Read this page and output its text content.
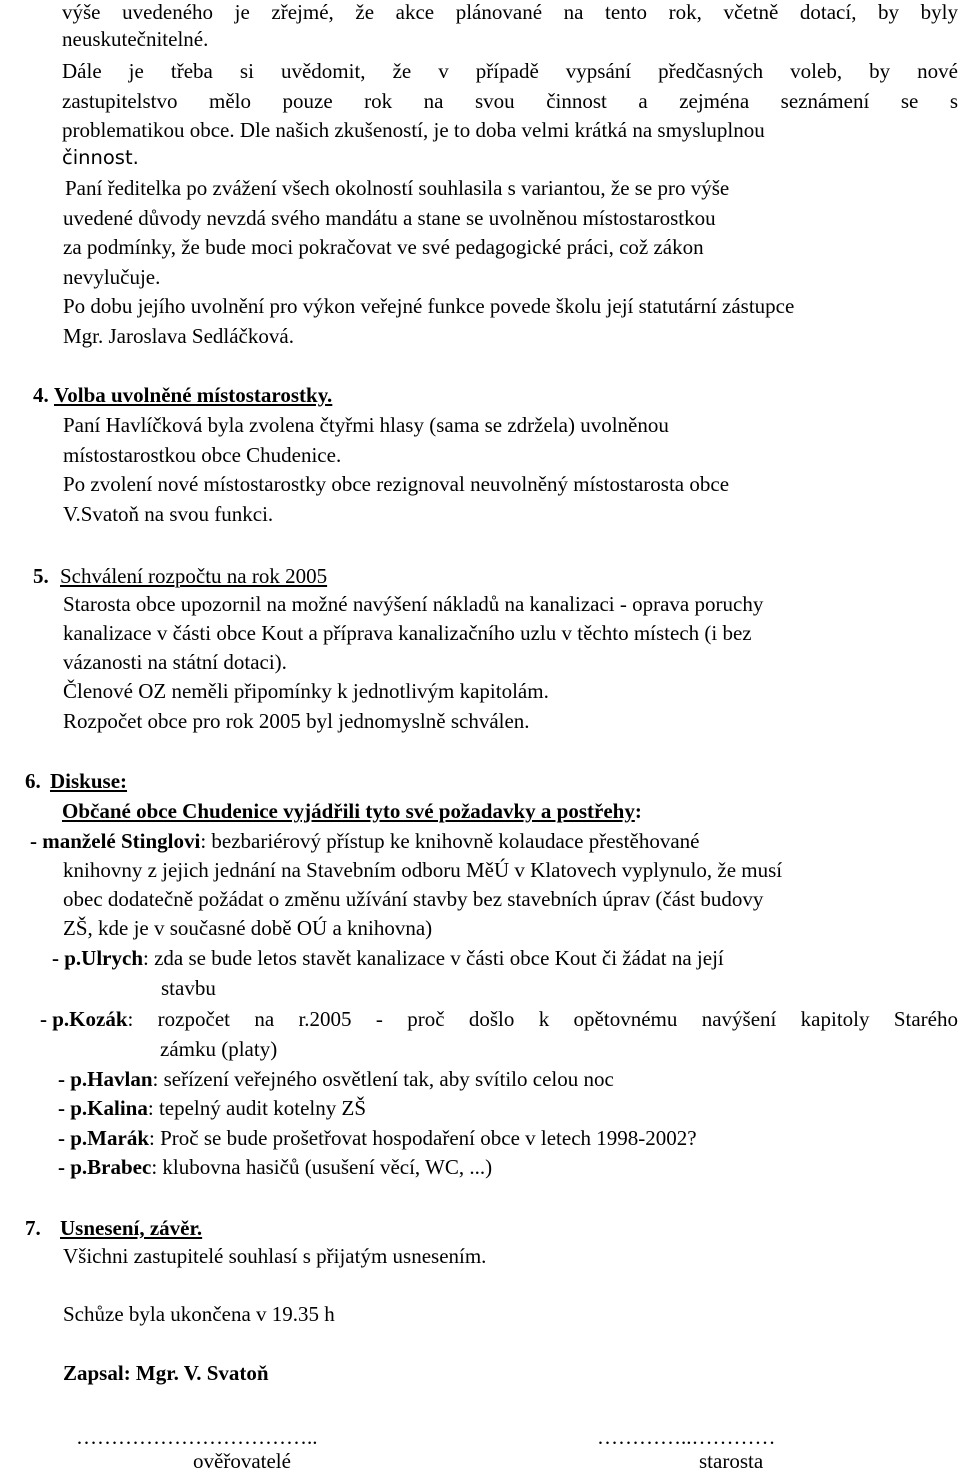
výše uvedeného je zřejmé, že akce plánované na tento rok, včetně dotací, by byly
neuskutečnitelné.
Dále je třeba si uvědomit, že v případě vypsání předčasných voleb, by nové
zastupitelstvo mělo pouze rok na svou činnost a zejména seznámení se s
problematikou obce. Dle našich zkušeností, je to doba velmi krátká na smysluplnou
činnost.
Paní ředitelka po zvážení všech okolností souhlasila s variantou, že se pro výše
uvedené důvody nevzdá svého mandátu a stane se uvolněnou místostarostkou
za podmínky, že bude moci pokračovat ve své pedagogické práci, což zákon
nevylučuje.
Po dobu jejího uvolnění pro výkon veřejné funkce povede školu její statutární zástupce
Mgr. Jaroslava Sedláčková.
4. Volba uvolněné místostarostky.
Paní Havlíčková byla zvolena čtyřmi hlasy (sama se zdržela) uvolněnou
místostarostkou obce Chudenice.
Po zvolení nové místostarostky obce rezignoval neuvolněný místostarosta obce
V.Svatoň na svou funkci.
5. Schválení rozpočtu na rok 2005
Starosta obce upozornil na možné navýšení nákladů na kanalizaci - oprava poruchy
kanalizace v části obce Kout a příprava kanalizačního uzlu v těchto místech (i bez
vázanosti na státní dotaci).
Členové OZ neměli připomínky k jednotlivým kapitolám.
Rozpočet obce pro rok 2005 byl jednomyslně schválen.
6. Diskuse:
Občané obce Chudenice vyjádřili tyto své požadavky a postřehy:
- manželé Stinglovi: bezbariérový přístup ke knihovně kolaudace přestěhované
knihovny z jejich jednání na Stavebním odboru MěÚ v Klatovech vyplynulo, že musí
obec dodatečně požádat o změnu užívání stavby bez stavebních úprav (část budovy
ZŠ, kde je v současné době OÚ a knihovna)
- p.Ulrych: zda se bude letos stavět kanalizace v části obce Kout či žádat na její
stavbu
- p.Kozák : rozpočet na r.2005 - proč došlo k opětovnému navýšení kapitoly Starého
zámku (platy)
- p.Havlan: seřízení veřejného osvětlení tak, aby svítilo celou noc
- p.Kalina: tepelný audit kotelny ZŠ
- p.Marák: Proč se bude prošetřovat hospodaření obce v letech 1998-2002?
- p.Brabec: klubovna hasičů (usušení věcí, WC, ...)
7. Usnesení, závěr.
Všichni zastupitelé souhlasí s přijatým usnesením.
Schůze byla ukončena v 19.35 h
Zapsal: Mgr. V. Svatoň
……………………………..
ověřovatelé
…………..…………
starosta
